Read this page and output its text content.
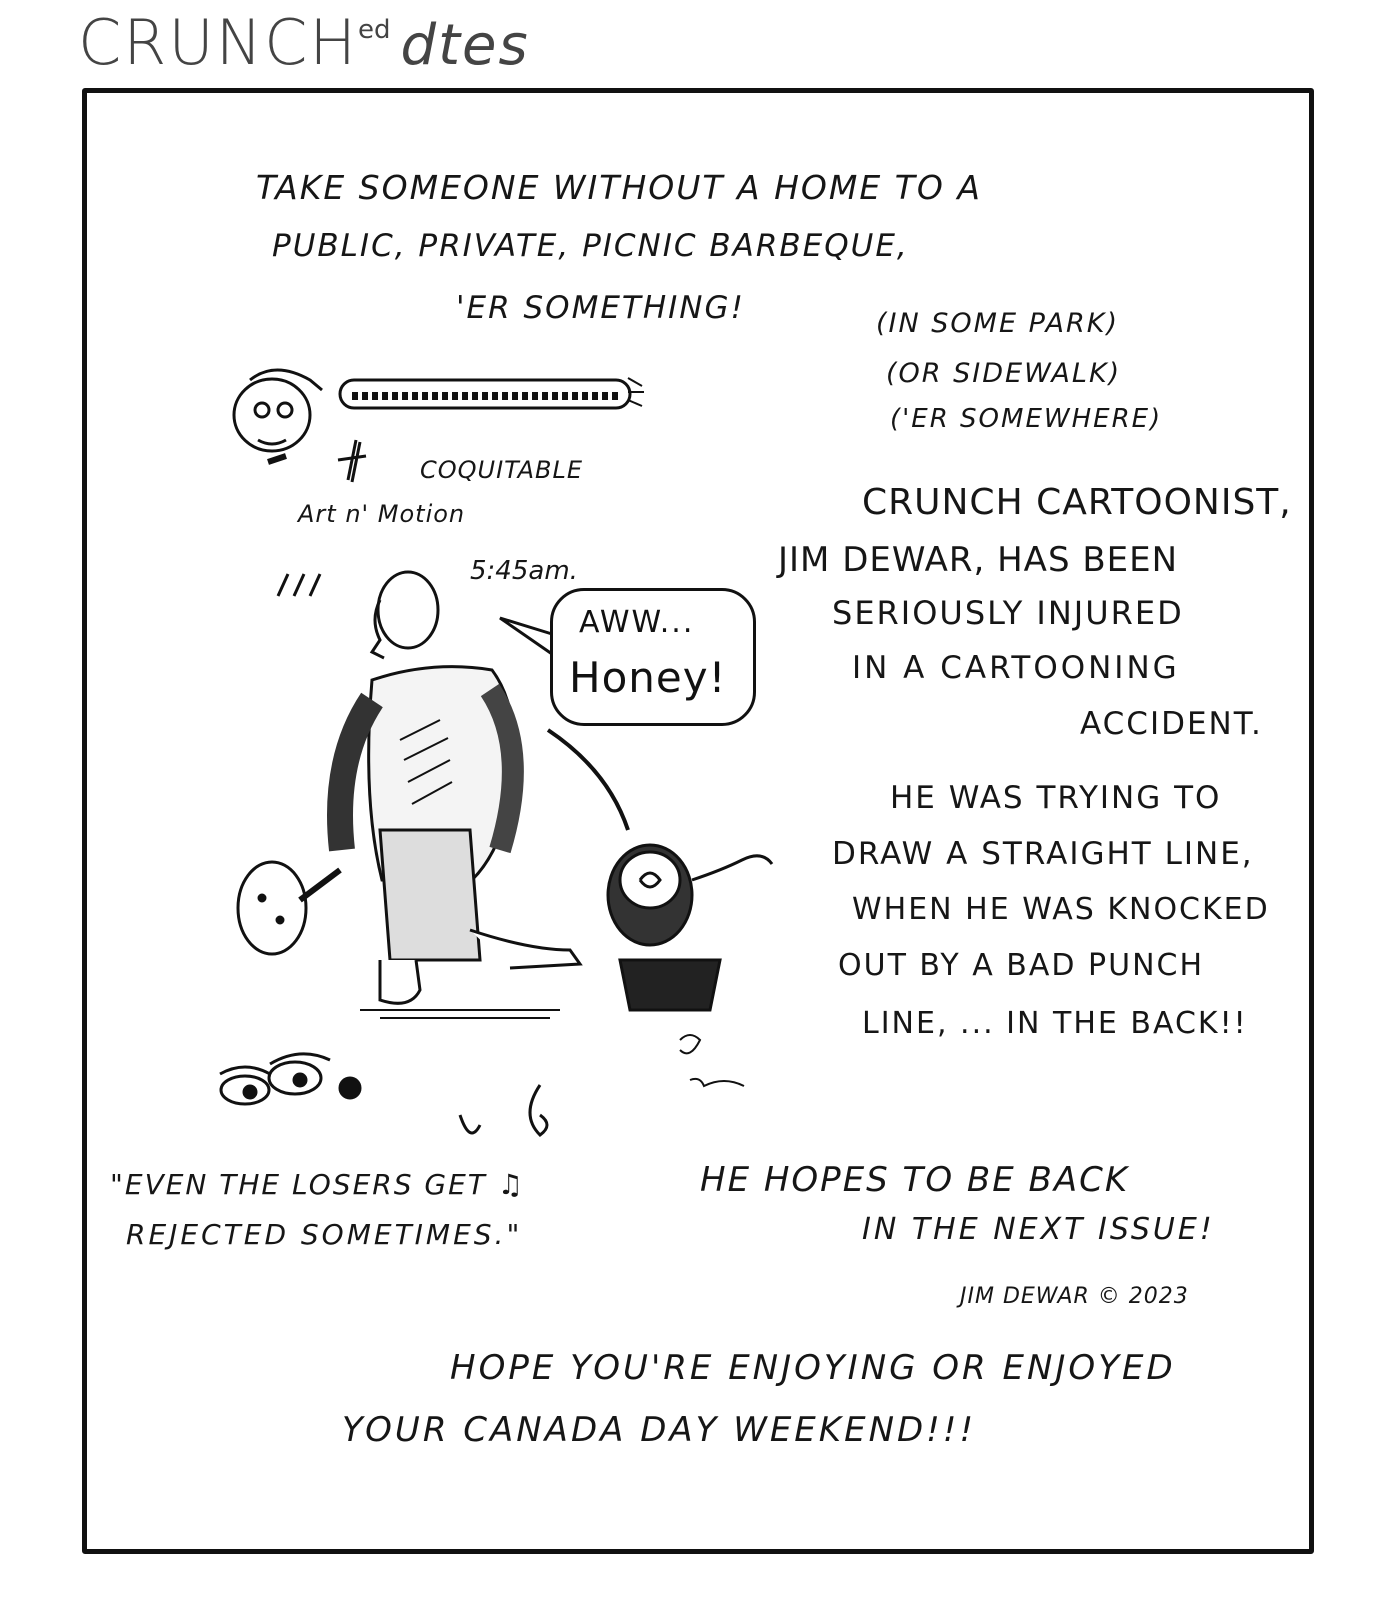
$CRUNCH^{ed}$ dtes
TAKE SOMEONE WITHOUT A HOME TO A
PUBLIC, PRIVATE, PICNIC BARBEQUE,
'ER SOMETHING!	(IN SOME PARK)
(OR SIDEWALK)
('ER SOMEWHERE)
COQUITABLE
Art n' Motion
5:45am.
AWW...
Honey!
CRUNCH CARTOONIST,
JIM DEWAR, HAS BEEN
SERIOUSLY INJURED
IN A CARTOONING
ACCIDENT.
HE WAS TRYING TO
DRAW A STRAIGHT LINE,
WHEN HE WAS KNOCKED
OUT BY A BAD PUNCH
LINE, ... IN THE BACK!!
"EVEN THE LOSERS GET ♫
REJECTED SOMETIMES."
HE HOPES TO BE BACK
IN THE NEXT ISSUE!
JIM DEWAR © 2023
HOPE YOU'RE ENJOYING OR ENJOYED
YOUR CANADA DAY WEEKEND!!!
